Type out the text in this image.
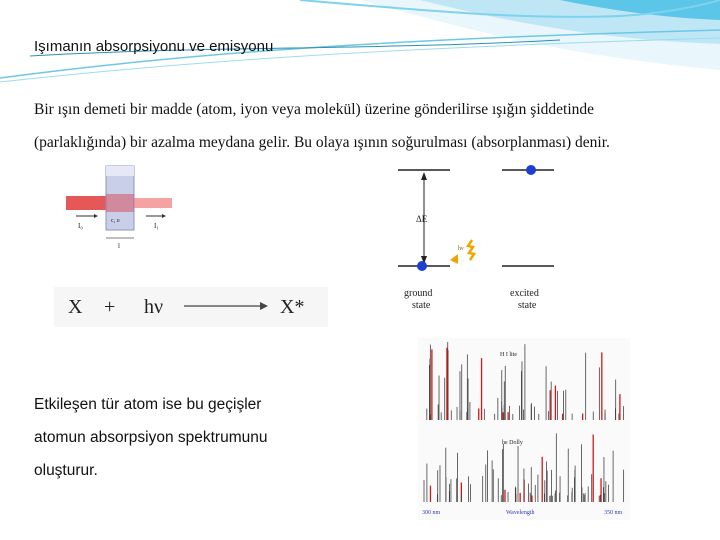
Işımanın absorpsiyonu ve emisyonu
Bir ışın demeti bir madde (atom, iyon veya molekül) üzerine gönderilirse ışığın şiddetinde
(parlaklığında) bir azalma meydana gelir. Bu olaya ışının soğurulması (absorplanması) denir.
I₀	I₁
c, υ
l
X + hν	X*
ΔE
hν
ground
state
excited
state
H I lite
he Dolly
300 nm	Wavelength	350 nm
Etkileşen tür atom ise bu geçişler
atomun absorpsiyon spektrumunu
oluşturur.
